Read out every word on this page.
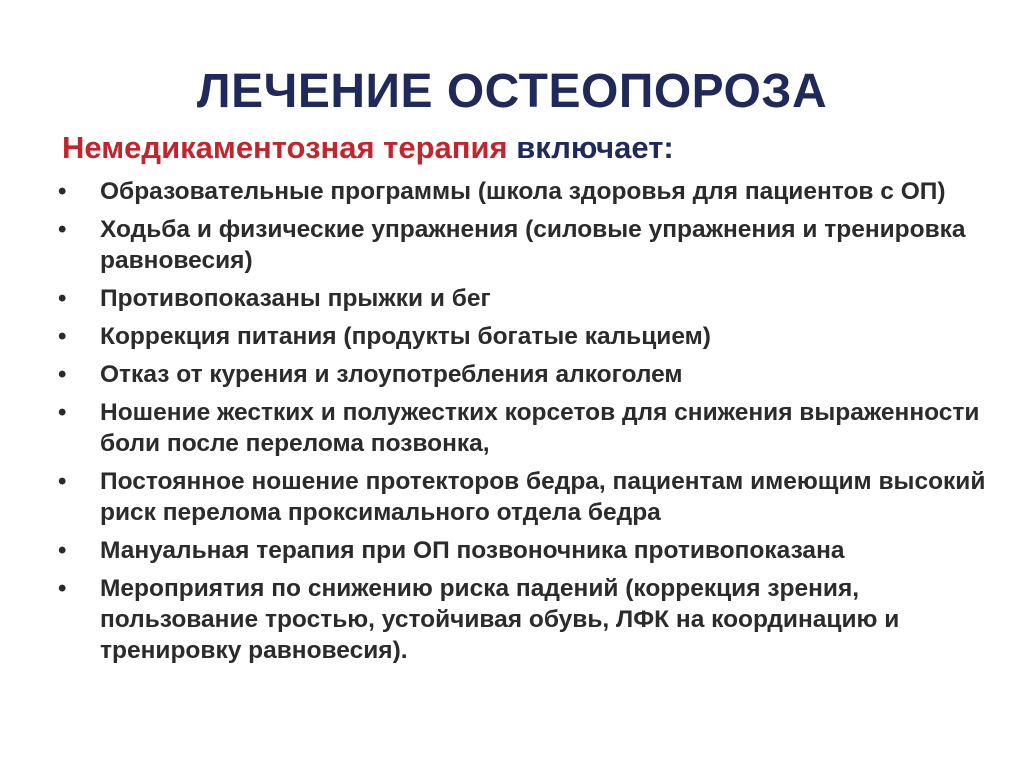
ЛЕЧЕНИЕ ОСТЕОПОРОЗА
Немедикаментозная терапия включает:
•	Образовательные программы (школа здоровья для пациентов с ОП)
•	Ходьба и физические упражнения (силовые упражнения и тренировка равновесия)
•	Противопоказаны прыжки и бег
•	Коррекция питания (продукты богатые кальцием)
•	Отказ от курения и злоупотребления алкоголем
•	Ношение жестких и полужестких корсетов для снижения выраженности боли после перелома позвонка,
•	Постоянное ношение протекторов бедра, пациентам имеющим высокий риск перелома проксимального отдела бедра
•	Мануальная терапия при ОП позвоночника противопоказана
•	Мероприятия по снижению риска падений (коррекция зрения, пользование тростью, устойчивая обувь, ЛФК на координацию и тренировку равновесия).
